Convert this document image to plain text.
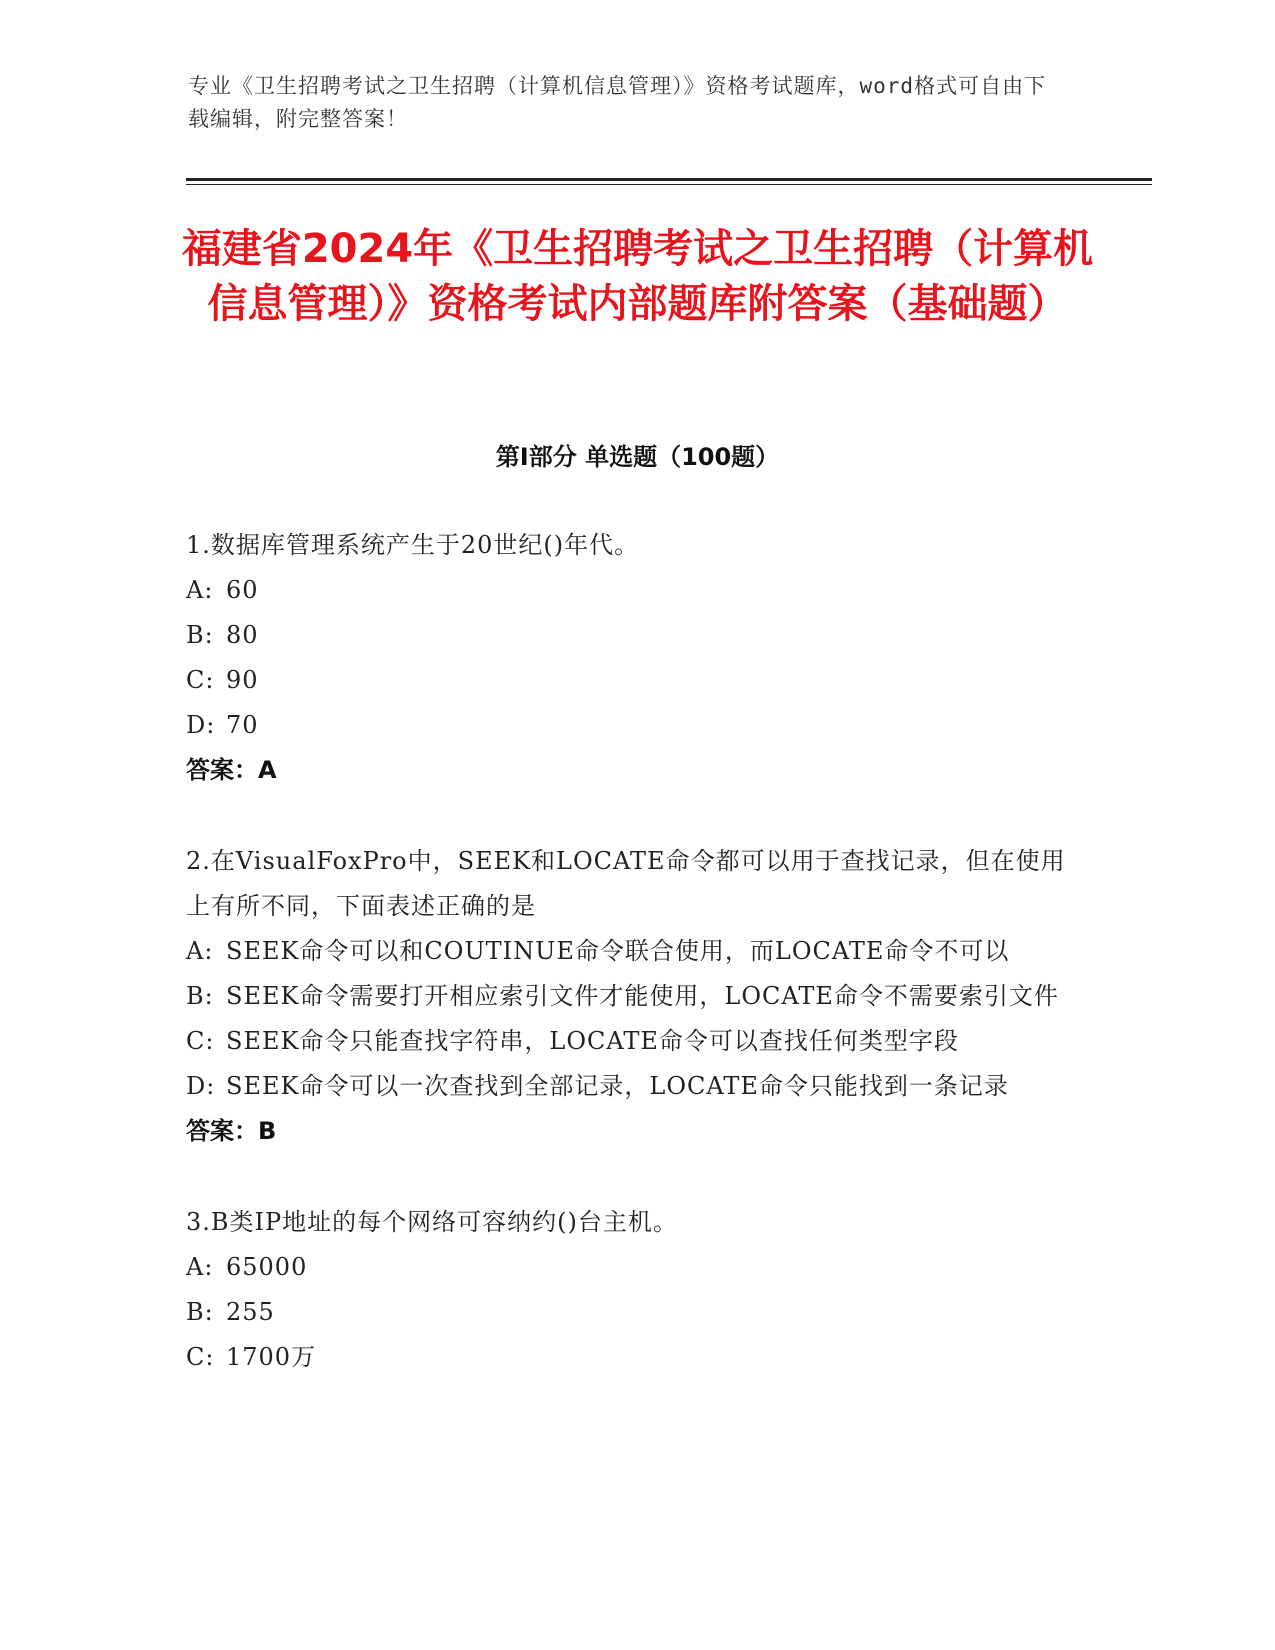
专业《卫生招聘考试之卫生招聘（计算机信息管理）》资格考试题库，word格式可自由下载编辑，附完整答案！
福建省2024年《卫生招聘考试之卫生招聘（计算机信息管理）》资格考试内部题库附答案（基础题）
第I部分 单选题（100题）
1.数据库管理系统产生于20世纪()年代。
A: 60
B: 80
C: 90
D: 70
答案：A
2.在VisualFoxPro中，SEEK和LOCATE命令都可以用于查找记录，但在使用上有所不同，下面表述正确的是
A: SEEK命令可以和COUTINUE命令联合使用，而LOCATE命令不可以
B: SEEK命令需要打开相应索引文件才能使用，LOCATE命令不需要索引文件
C: SEEK命令只能查找字符串，LOCATE命令可以查找任何类型字段
D: SEEK命令可以一次查找到全部记录，LOCATE命令只能找到一条记录
答案：B
3.B类IP地址的每个网络可容纳约()台主机。
A: 65000
B: 255
C: 1700万
